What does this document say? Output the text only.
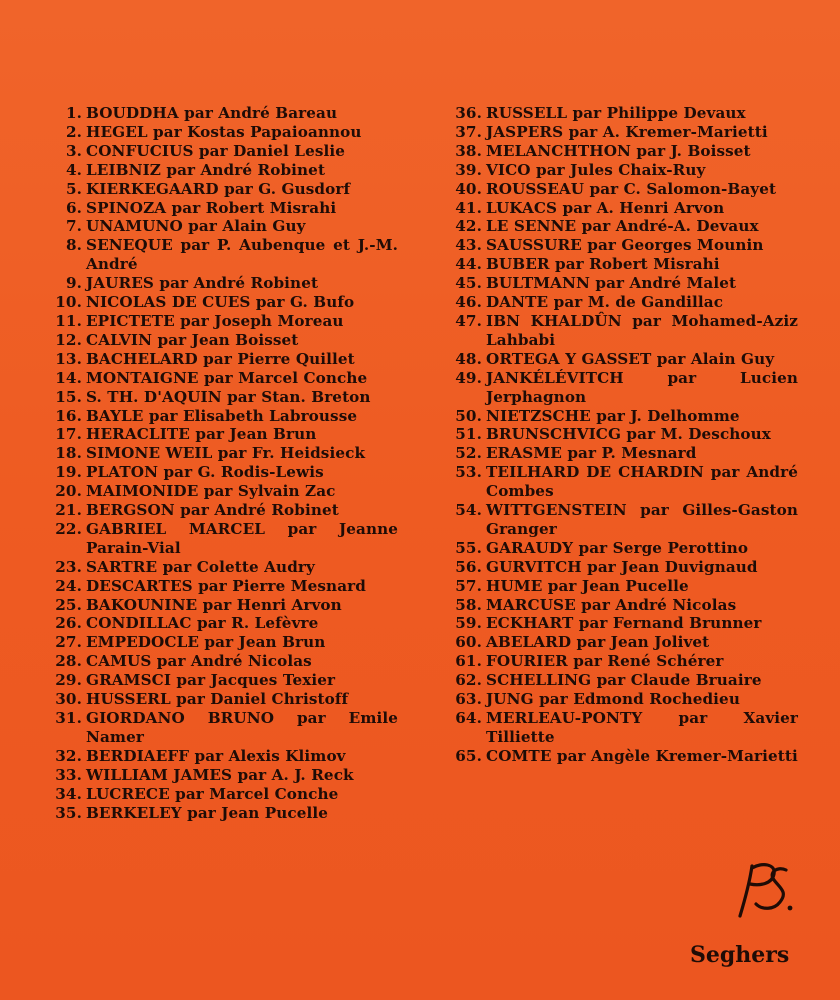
1. BOUDDHA par André Bareau
2. HEGEL par Kostas Papaioannou
3. CONFUCIUS par Daniel Leslie
4. LEIBNIZ par André Robinet
5. KIERKEGAARD par G. Gusdorf
6. SPINOZA par Robert Misrahi
7. UNAMUNO par Alain Guy
8. SENEQUE par P. Aubenque et J.-M. André
9. JAURES par André Robinet
10. NICOLAS DE CUES par G. Bufo
11. EPICTETE par Joseph Moreau
12. CALVIN par Jean Boisset
13. BACHELARD par Pierre Quillet
14. MONTAIGNE par Marcel Conche
15. S. TH. D'AQUIN par Stan. Breton
16. BAYLE par Elisabeth Labrousse
17. HERACLITE par Jean Brun
18. SIMONE WEIL par Fr. Heidsieck
19. PLATON par G. Rodis-Lewis
20. MAIMONIDE par Sylvain Zac
21. BERGSON par André Robinet
22. GABRIEL MARCEL par Jeanne Parain-Vial
23. SARTRE par Colette Audry
24. DESCARTES par Pierre Mesnard
25. BAKOUNINE par Henri Arvon
26. CONDILLAC par R. Lefèvre
27. EMPEDOCLE par Jean Brun
28. CAMUS par André Nicolas
29. GRAMSCI par Jacques Texier
30. HUSSERL par Daniel Christoff
31. GIORDANO BRUNO par Emile Namer
32. BERDIAEFF par Alexis Klimov
33. WILLIAM JAMES par A. J. Reck
34. LUCRECE par Marcel Conche
35. BERKELEY par Jean Pucelle
36. RUSSELL par Philippe Devaux
37. JASPERS par A. Kremer-Marietti
38. MELANCHTHON par J. Boisset
39. VICO par Jules Chaix-Ruy
40. ROUSSEAU par C. Salomon-Bayet
41. LUKACS par A. Henri Arvon
42. LE SENNE par André-A. Devaux
43. SAUSSURE par Georges Mounin
44. BUBER par Robert Misrahi
45. BULTMANN par André Malet
46. DANTE par M. de Gandillac
47. IBN KHALDÛN par Mohamed-Aziz Lahbabi
48. ORTEGA Y GASSET par Alain Guy
49. JANKÉLÉVITCH par Lucien Jerphagnon
50. NIETZSCHE par J. Delhomme
51. BRUNSCHVICG par M. Deschoux
52. ERASME par P. Mesnard
53. TEILHARD DE CHARDIN par André Combes
54. WITTGENSTEIN par Gilles-Gaston Granger
55. GARAUDY par Serge Perottino
56. GURVITCH par Jean Duvignaud
57. HUME par Jean Pucelle
58. MARCUSE par André Nicolas
59. ECKHART par Fernand Brunner
60. ABELARD par Jean Jolivet
61. FOURIER par René Schérer
62. SCHELLING par Claude Bruaire
63. JUNG par Edmond Rochedieu
64. MERLEAU-PONTY par Xavier Tilliette
65. COMTE par Angèle Kremer-Marietti
Seghers
